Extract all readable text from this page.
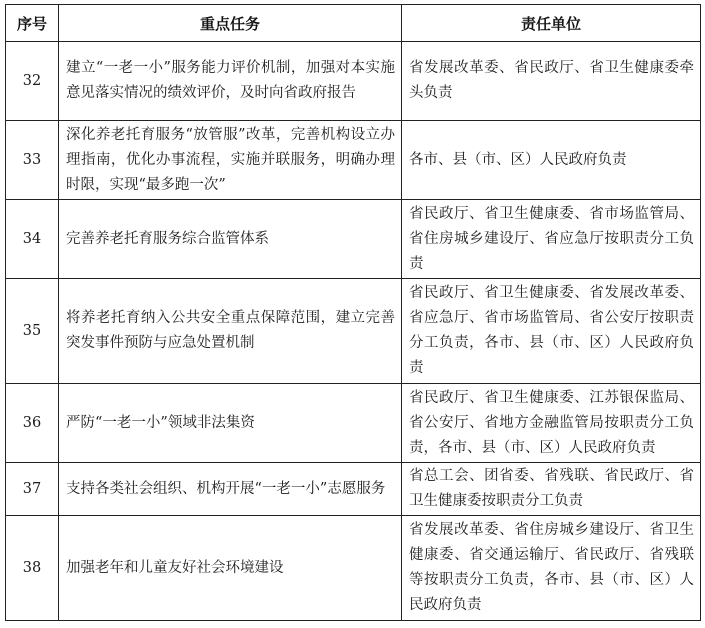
序号	重点任务	责任单位
32	建立“一老一小”服务能力评价机制，加强对本实施意见落实情况的绩效评价，及时向省政府报告	省发展改革委、省民政厅、省卫生健康委牵头负责
33	深化养老托育服务“放管服”改革，完善机构设立办理指南，优化办事流程，实施并联服务，明确办理时限，实现“最多跑一次”	各市、县（市、区）人民政府负责
34	完善养老托育服务综合监管体系	省民政厅、省卫生健康委、省市场监管局、省住房城乡建设厅、省应急厅按职责分工负责
35	将养老托育纳入公共安全重点保障范围，建立完善突发事件预防与应急处置机制	省民政厅、省卫生健康委、省发展改革委、省应急厅、省市场监管局、省公安厅按职责分工负责，各市、县（市、区）人民政府负责
36	严防“一老一小”领域非法集资	省民政厅、省卫生健康委、江苏银保监局、省公安厅、省地方金融监管局按职责分工负责，各市、县（市、区）人民政府负责
37	支持各类社会组织、机构开展“一老一小”志愿服务	省总工会、团省委、省残联、省民政厅、省卫生健康委按职责分工负责
38	加强老年和儿童友好社会环境建设	省发展改革委、省住房城乡建设厅、省卫生健康委、省交通运输厅、省民政厅、省残联等按职责分工负责，各市、县（市、区）人民政府负责
